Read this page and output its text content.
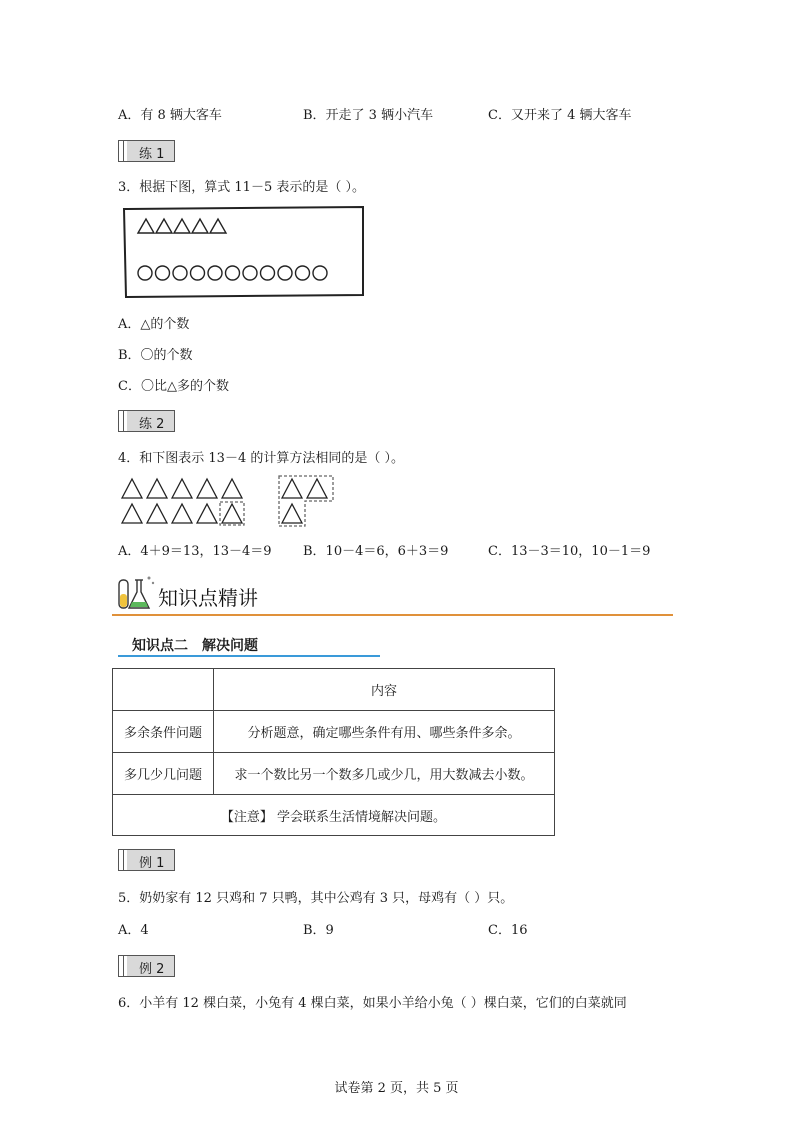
A．有 8 辆大客车	B．开走了 3 辆小汽车	C．又开来了 4 辆大客车
练 1
3．根据下图，算式 11－5 表示的是（ ）。
A．△的个数
B．〇的个数
C．〇比△多的个数
练 2
4．和下图表示 13－4 的计算方法相同的是（ ）。
A．4＋9＝13，13－4＝9 B．10－4＝6，6＋3＝9	C．13－3＝10，10－1＝9
知识点精讲
知识点二　解决问题
	内容
多余条件问题	分析题意，确定哪些条件有用、哪些条件多余。
多几少几问题	求一个数比另一个数多几或少几，用大数减去小数。
【注意】 学会联系生活情境解决问题。	
例 1
5．奶奶家有 12 只鸡和 7 只鸭，其中公鸡有 3 只，母鸡有（ ）只。
A．4	B．9	C．16
例 2
6．小羊有 12 棵白菜，小兔有 4 棵白菜，如果小羊给小兔（ ）棵白菜，它们的白菜就同
试卷第 2 页，共 5 页
